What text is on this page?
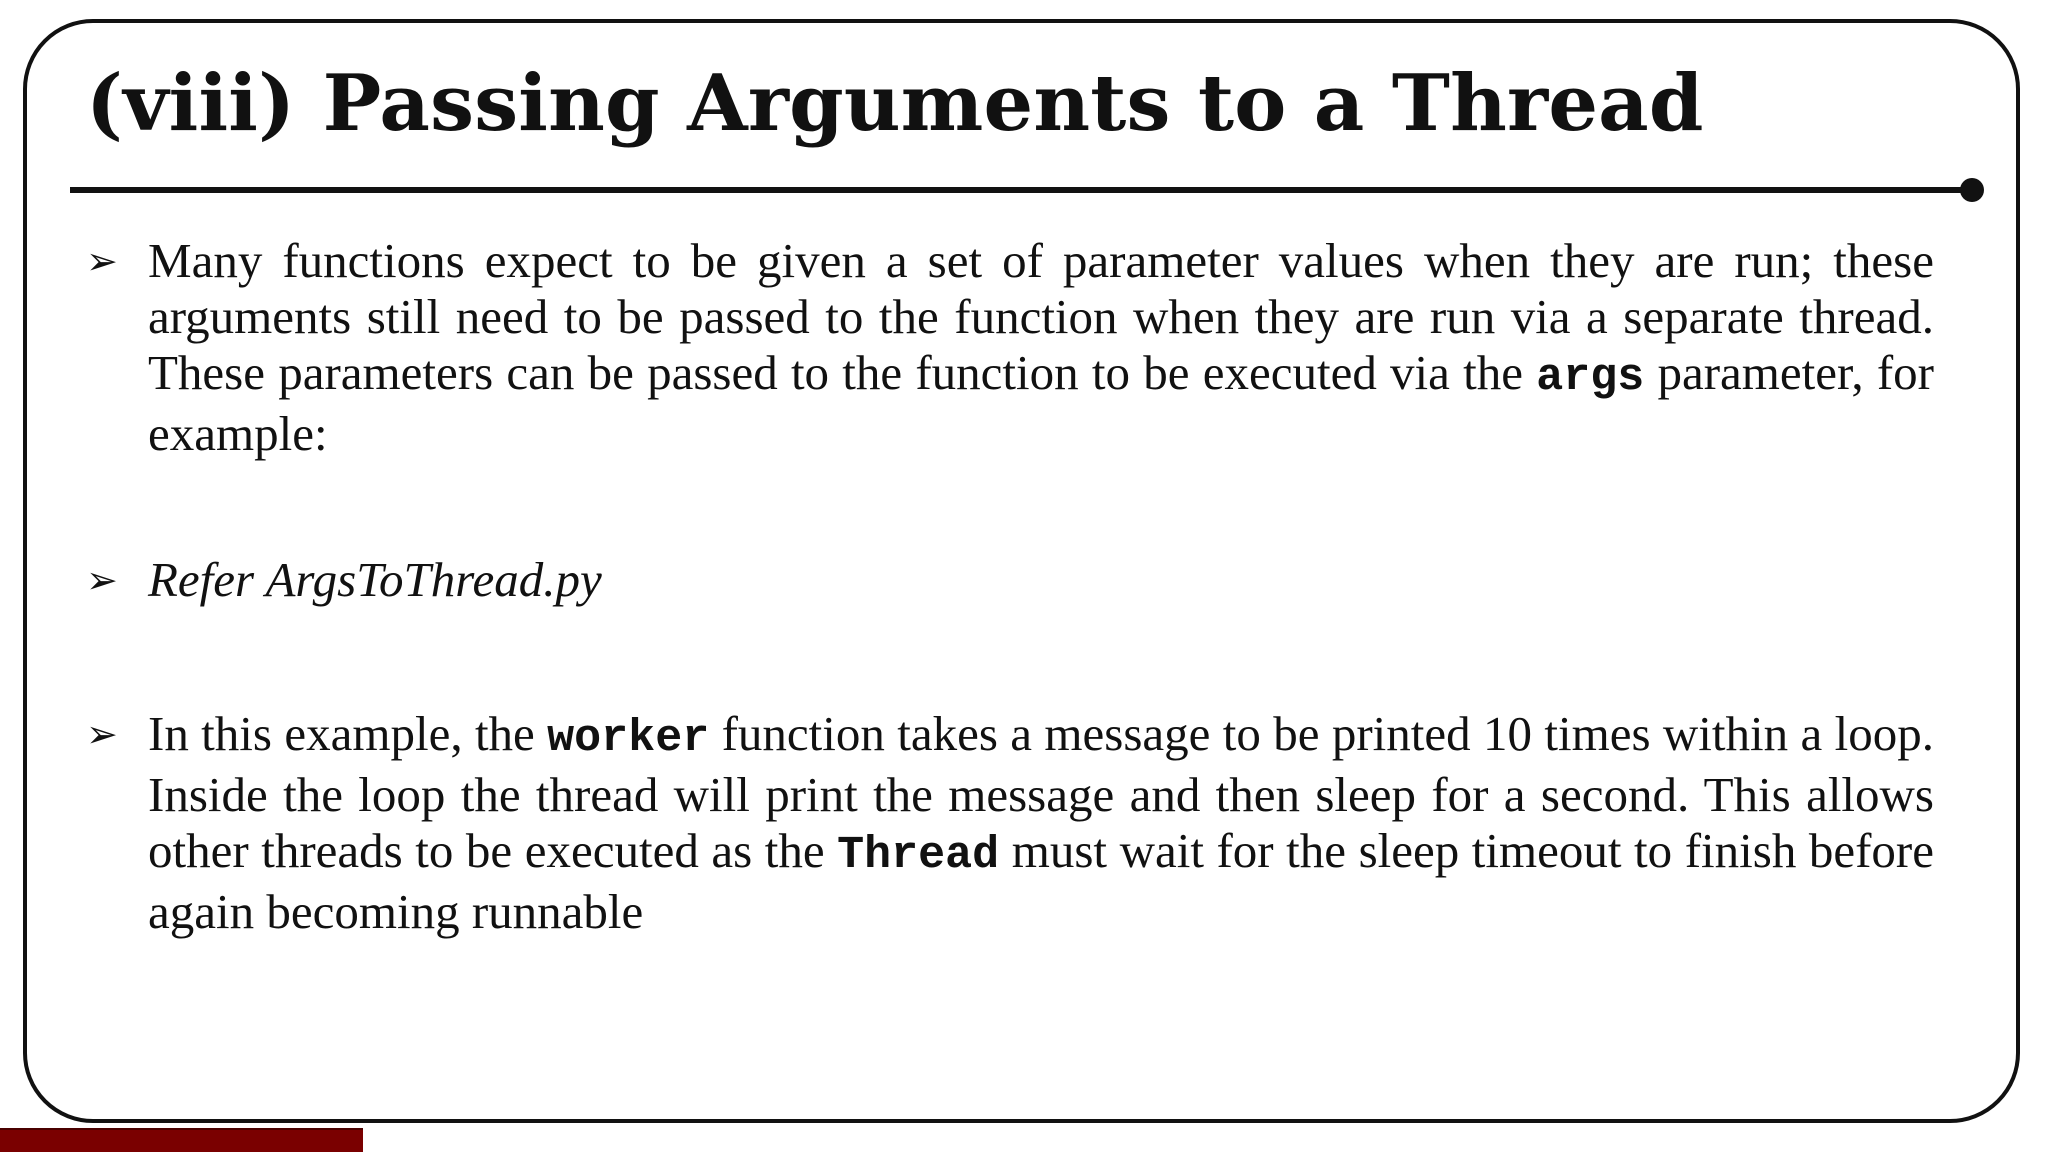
(viii) Passing Arguments to a Thread
➢ Many functions expect to be given a set of parameter values when they are run; these arguments still need to be passed to the function when they are run via a separate thread. These parameters can be passed to the function to be executed via the args parameter, for example:
➢ Refer ArgsToThread.py
➢ In this example, the worker function takes a message to be printed 10 times within a loop. Inside the loop the thread will print the message and then sleep for a second. This allows other threads to be executed as the Thread must wait for the sleep timeout to finish before again becoming runnable
